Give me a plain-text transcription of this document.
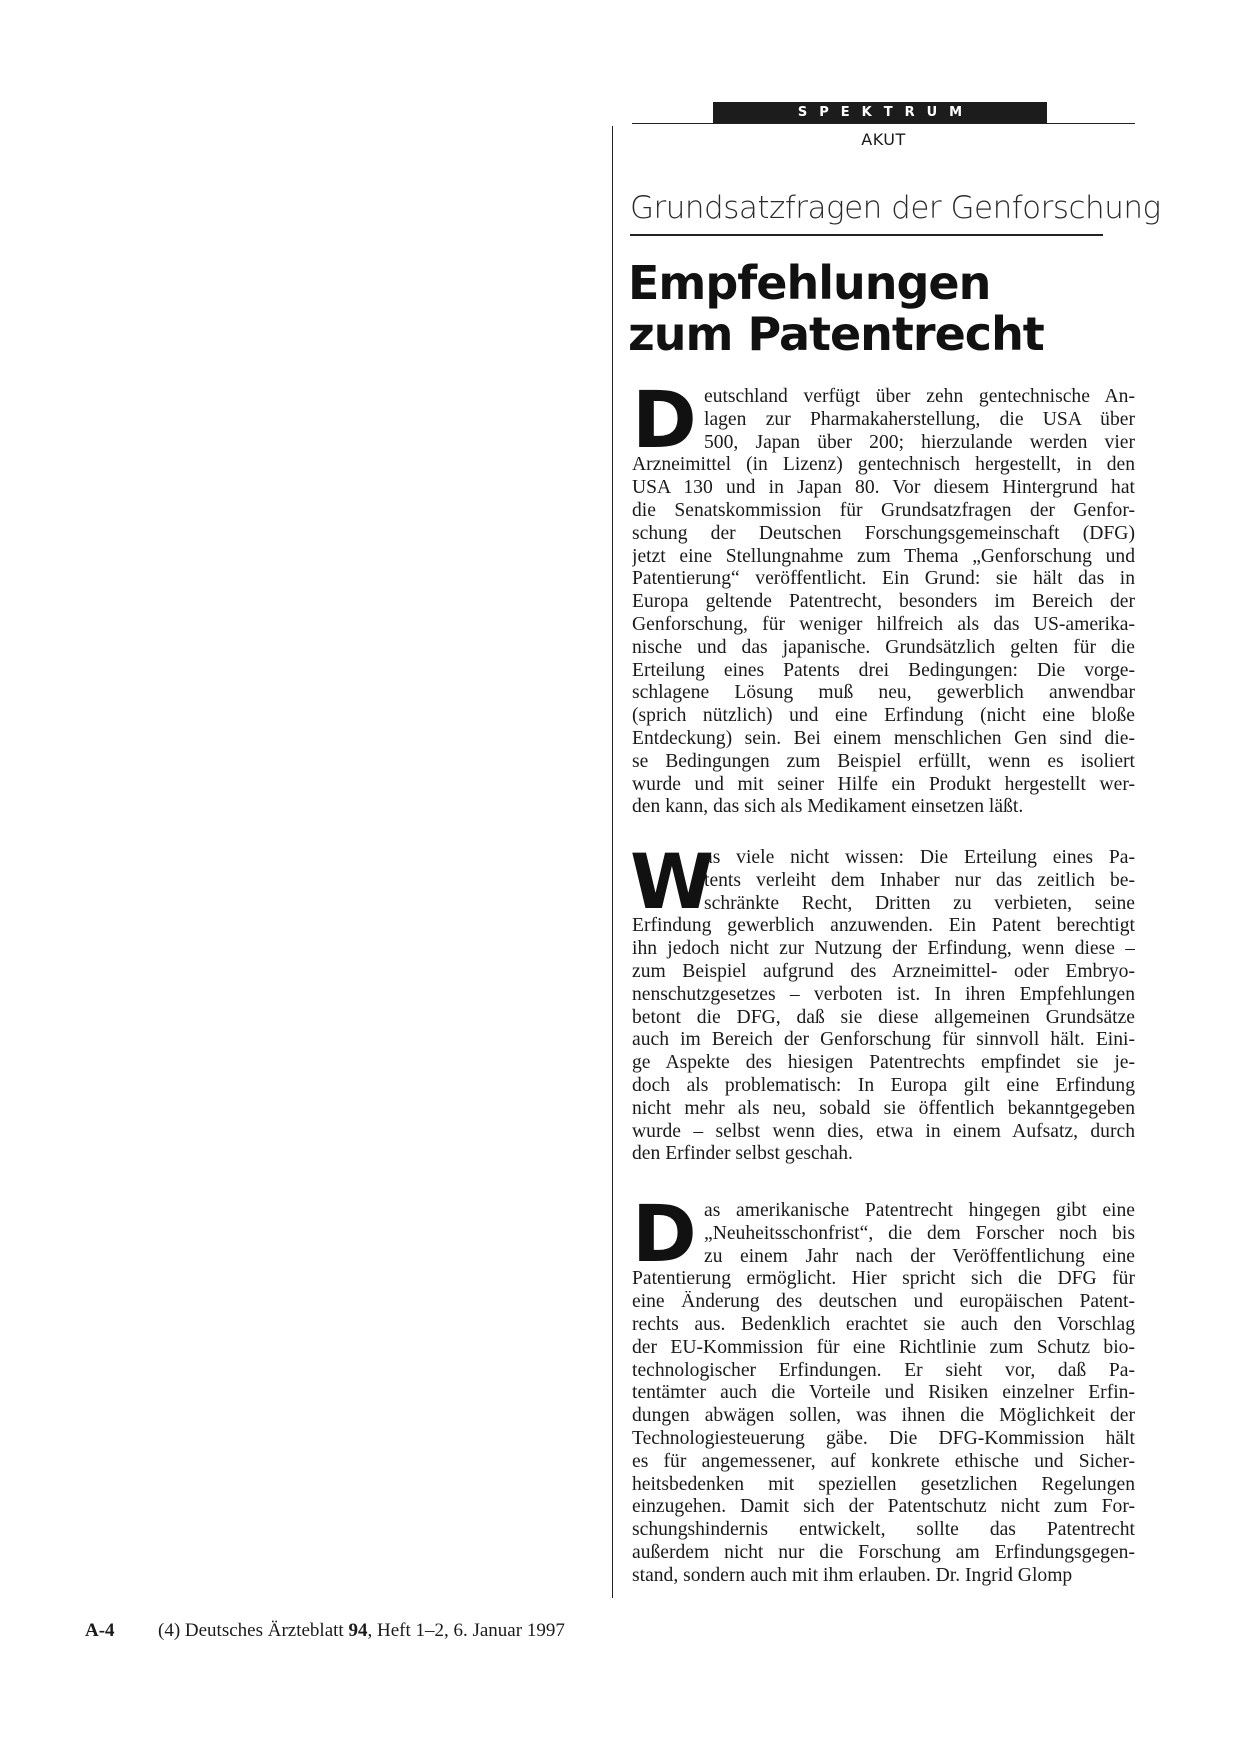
SPEKTRUM
AKUT
Grundsatzfragen der Genforschung
Empfehlungen
zum Patentrecht
D eutschland verfügt über zehn gentechnische An-
lagen zur Pharmakaherstellung, die USA über
500, Japan über 200; hierzulande werden vier
Arzneimittel (in Lizenz) gentechnisch hergestellt, in den
USA 130 und in Japan 80. Vor diesem Hintergrund hat
die Senatskommission für Grundsatzfragen der Genfor-
schung der Deutschen Forschungsgemeinschaft (DFG)
jetzt eine Stellungnahme zum Thema „Genforschung und
Patentierung“ veröffentlicht. Ein Grund: sie hält das in
Europa geltende Patentrecht, besonders im Bereich der
Genforschung, für weniger hilfreich als das US-amerika-
nische und das japanische. Grundsätzlich gelten für die
Erteilung eines Patents drei Bedingungen: Die vorge-
schlagene Lösung muß neu, gewerblich anwendbar
(sprich nützlich) und eine Erfindung (nicht eine bloße
Entdeckung) sein. Bei einem menschlichen Gen sind die-
se Bedingungen zum Beispiel erfüllt, wenn es isoliert
wurde und mit seiner Hilfe ein Produkt hergestellt wer-
den kann, das sich als Medikament einsetzen läßt.
W
as viele nicht wissen: Die Erteilung eines Pa-
tents verleiht dem Inhaber nur das zeitlich be-
schränkte Recht, Dritten zu verbieten, seine
Erfindung gewerblich anzuwenden. Ein Patent berechtigt
ihn jedoch nicht zur Nutzung der Erfindung, wenn diese –
zum Beispiel aufgrund des Arzneimittel- oder Embryo-
nenschutzgesetzes – verboten ist. In ihren Empfehlungen
betont die DFG, daß sie diese allgemeinen Grundsätze
auch im Bereich der Genforschung für sinnvoll hält. Eini-
ge Aspekte des hiesigen Patentrechts empfindet sie je-
doch als problematisch: In Europa gilt eine Erfindung
nicht mehr als neu, sobald sie öffentlich bekanntgegeben
wurde – selbst wenn dies, etwa in einem Aufsatz, durch
den Erfinder selbst geschah.
D as amerikanische Patentrecht hingegen gibt eine
„Neuheitsschonfrist“, die dem Forscher noch bis
zu einem Jahr nach der Veröffentlichung eine
Patentierung ermöglicht. Hier spricht sich die DFG für
eine Änderung des deutschen und europäischen Patent-
rechts aus. Bedenklich erachtet sie auch den Vorschlag
der EU-Kommission für eine Richtlinie zum Schutz bio-
technologischer Erfindungen. Er sieht vor, daß Pa-
tentämter auch die Vorteile und Risiken einzelner Erfin-
dungen abwägen sollen, was ihnen die Möglichkeit der
Technologiesteuerung gäbe. Die DFG-Kommission hält
es für angemessener, auf konkrete ethische und Sicher-
heitsbedenken mit speziellen gesetzlichen Regelungen
einzugehen. Damit sich der Patentschutz nicht zum For-
schungshindernis entwickelt, sollte das Patentrecht
außerdem nicht nur die Forschung am Erfindungsgegen-
stand, sondern auch mit ihm erlauben. Dr. Ingrid Glomp
A-4 (4) Deutsches Ärzteblatt 94, Heft 1–2, 6. Januar 1997
